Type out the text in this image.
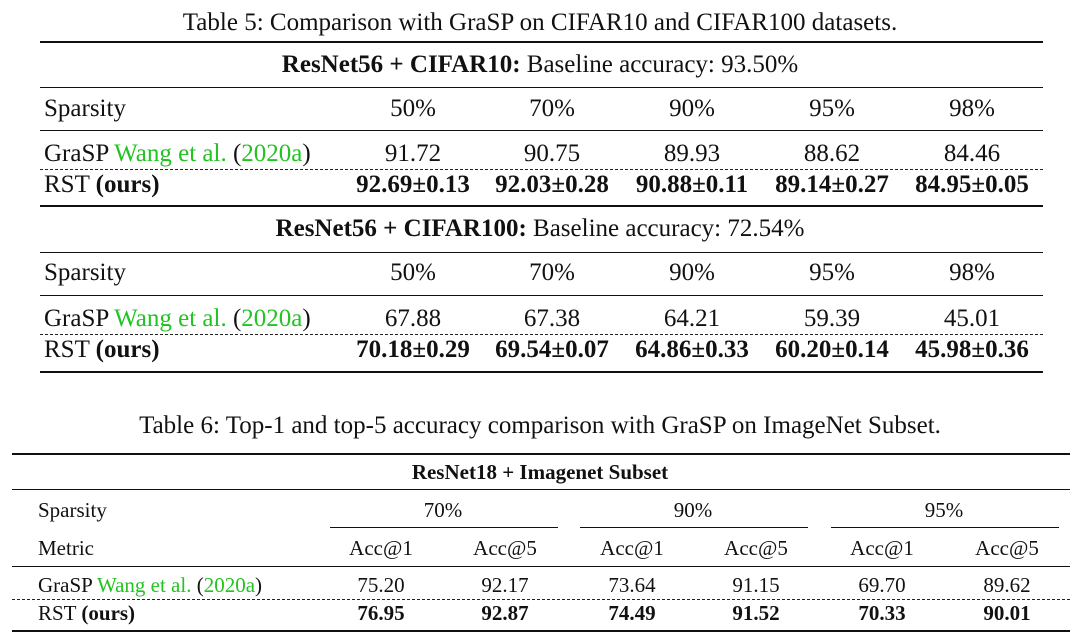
Table 5: Comparison with GraSP on CIFAR10 and CIFAR100 datasets.
ResNet56 + CIFAR10: Baseline accuracy: 93.50%
Sparsity	50%	70%	90%	95%	98%
GraSP Wang et al. (2020a)	91.72	90.75	89.93	88.62	84.46
RST (ours)	92.69±0.13 92.03±0.28 90.88±0.11 89.14±0.27 84.95±0.05
ResNet56 + CIFAR100: Baseline accuracy: 72.54%
Sparsity	50%	70%	90%	95%	98%
GraSP Wang et al. (2020a)	67.88	67.38	64.21	59.39	45.01
RST (ours)	70.18±0.29 69.54±0.07 64.86±0.33 60.20±0.14 45.98±0.36
Table 6: Top-1 and top-5 accuracy comparison with GraSP on ImageNet Subset.
ResNet18 + Imagenet Subset
Sparsity	70%	90%	95%
Metric	Acc@1	Acc@5	Acc@1	Acc@5	Acc@1	Acc@5
GraSP Wang et al. (2020a)	75.20	92.17	73.64	91.15	69.70	89.62
RST (ours)	76.95	92.87	74.49	91.52	70.33	90.01
